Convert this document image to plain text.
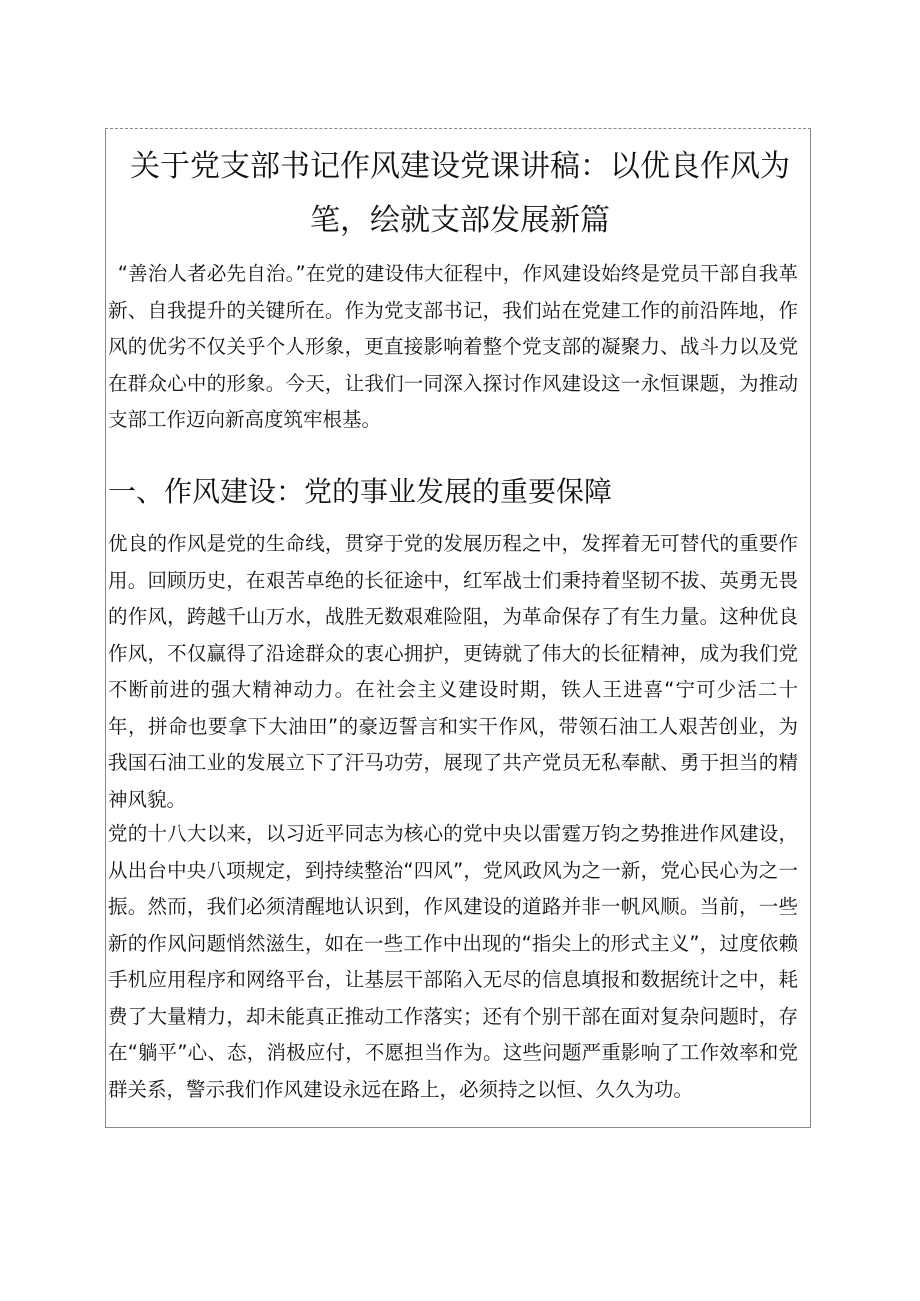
关于党支部书记作风建设党课讲稿：以优良作风为笔，绘就支部发展新篇

“善治人者必先自治。”在党的建设伟大征程中，作风建设始终是党员干部自我革新、自我提升的关键所在。作为党支部书记，我们站在党建工作的前沿阵地，作风的优劣不仅关乎个人形象，更直接影响着整个党支部的凝聚力、战斗力以及党在群众心中的形象。今天，让我们一同深入探讨作风建设这一永恒课题，为推动支部工作迈向新高度筑牢根基。

一、作风建设：党的事业发展的重要保障

优良的作风是党的生命线，贯穿于党的发展历程之中，发挥着无可替代的重要作用。回顾历史，在艰苦卓绝的长征途中，红军战士们秉持着坚韧不拔、英勇无畏的作风，跨越千山万水，战胜无数艰难险阻，为革命保存了有生力量。这种优良作风，不仅赢得了沿途群众的衷心拥护，更铸就了伟大的长征精神，成为我们党不断前进的强大精神动力。在社会主义建设时期，铁人王进喜“宁可少活二十年，拼命也要拿下大油田”的豪迈誓言和实干作风，带领石油工人艰苦创业，为我国石油工业的发展立下了汗马功劳，展现了共产党员无私奉献、勇于担当的精神风貌。

党的十八大以来，以习近平同志为核心的党中央以雷霆万钧之势推进作风建设，从出台中央八项规定，到持续整治“四风”，党风政风为之一新，党心民心为之一振。然而，我们必须清醒地认识到，作风建设的道路并非一帆风顺。当前，一些新的作风问题悄然滋生，如在一些工作中出现的“指尖上的形式主义”，过度依赖手机应用程序和网络平台，让基层干部陷入无尽的信息填报和数据统计之中，耗费了大量精力，却未能真正推动工作落实；还有个别干部在面对复杂问题时，存在“躺平”心、态，消极应付，不愿担当作为。这些问题严重影响了工作效率和党群关系，警示我们作风建设永远在路上，必须持之以恒、久久为功。
